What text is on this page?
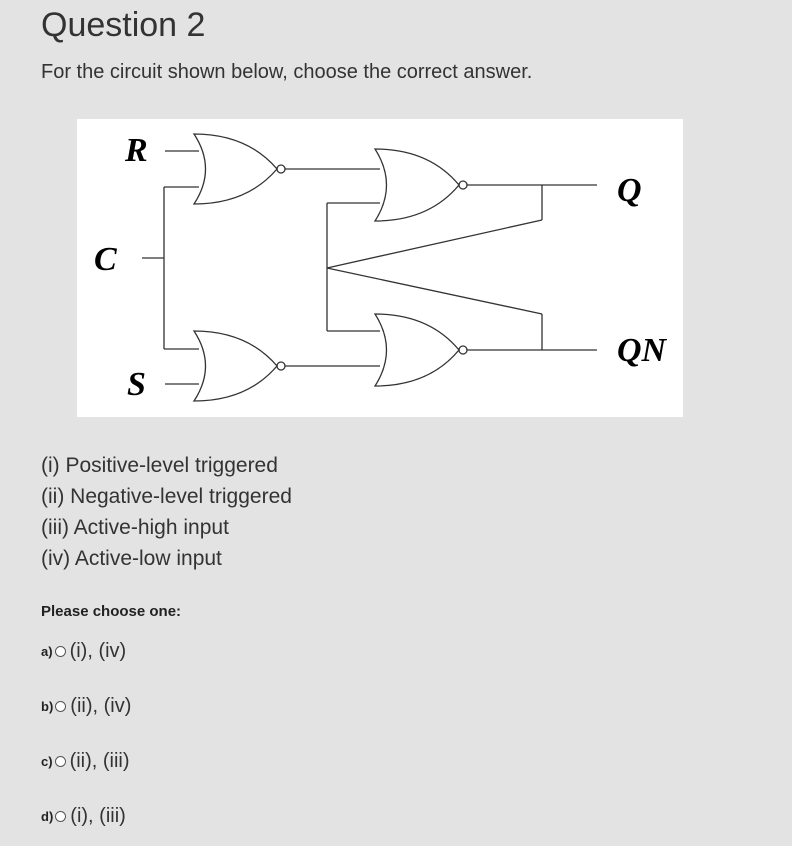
Question 2
For the circuit shown below, choose the correct answer.
R
C
S
Q
QN
(i) Positive-level triggered
(ii) Negative-level triggered
(iii) Active-high input
(iv) Active-low input
Please choose one:
a) (i), (iv)
b) (ii), (iv)
c) (ii), (iii)
d) (i), (iii)
